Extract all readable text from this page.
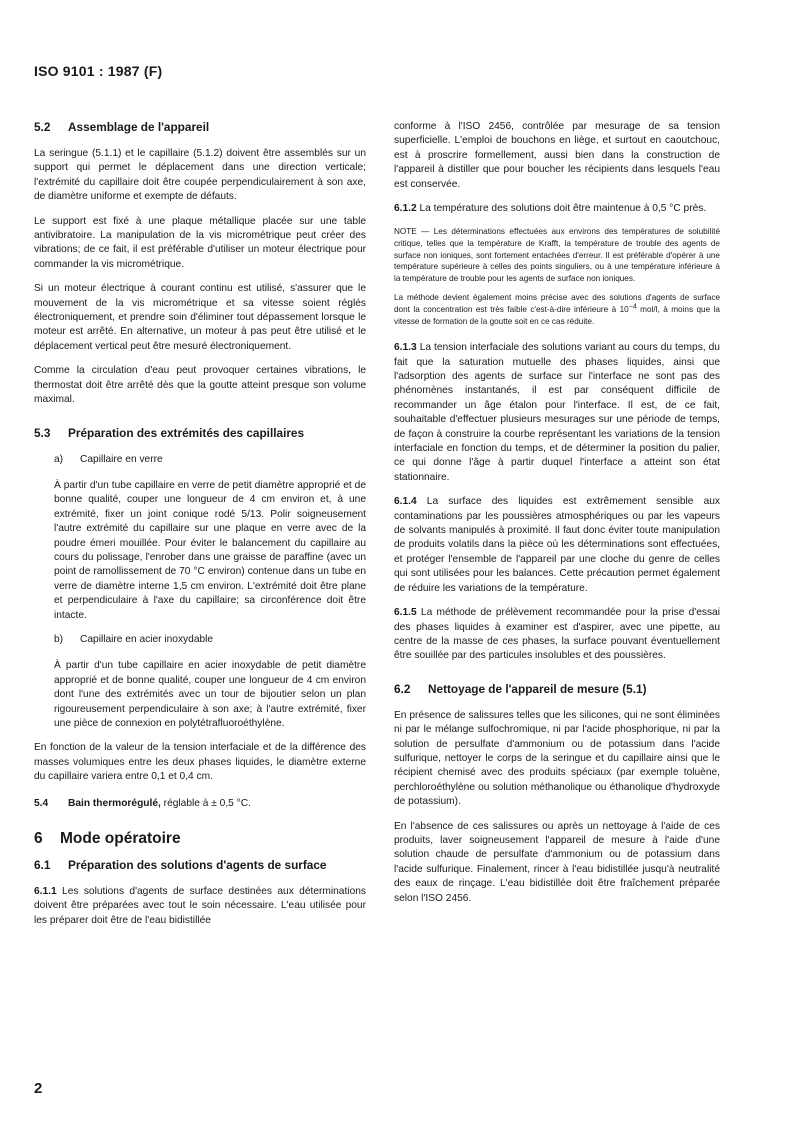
ISO 9101 : 1987 (F)
5.2 Assemblage de l'appareil

La seringue (5.1.1) et le capillaire (5.1.2) doivent être assemblés sur un support qui permet le déplacement dans une direction verticale; l'extrémité du capillaire doit être coupée perpendiculairement à son axe, de diamètre uniforme et exempte de défauts.

Le support est fixé à une plaque métallique placée sur une table antivibratoire. La manipulation de la vis micrométrique peut créer des vibrations; de ce fait, il est préférable d'utiliser un moteur électrique pour commander la vis micrométrique.

Si un moteur électrique à courant continu est utilisé, s'assurer que le mouvement de la vis micrométrique et sa vitesse soient réglés électroniquement, et prendre soin d'éliminer tout dépassement lorsque le moteur est arrêté. En alternative, un moteur à pas peut être utilisé et le déplacement vertical peut être mesuré électroniquement.

Comme la circulation d'eau peut provoquer certaines vibrations, le thermostat doit être arrêté dès que la goutte atteint presque son volume maximal.

5.3 Préparation des extrémités des capillaires
a) Capillaire en verre

À partir d'un tube capillaire en verre de petit diamètre approprié et de bonne qualité, couper une longueur de 4 cm environ et, à une extrémité, fixer un joint conique rodé 5/13. Polir soigneusement l'autre extrémité du capillaire sur une plaque en verre avec de la poudre émeri mouillée. Pour éviter le balancement du capillaire au cours du polissage, l'enrober dans une graisse de paraffine (avec un point de ramollissement de 70 °C environ) contenue dans un tube en verre de diamètre interne 1,5 cm environ. L'extrémité doit être plane et perpendiculaire à l'axe du capillaire; sa circonférence doit être intacte.

b) Capillaire en acier inoxydable

À partir d'un tube capillaire en acier inoxydable de petit diamètre approprié et de bonne qualité, couper une longueur de 4 cm environ dont l'une des extrémités avec un tour de bijoutier selon un plan rigoureusement perpendiculaire à son axe; à l'autre extrémité, fixer une pièce de connexion en polytétrafluoroéthylène.

En fonction de la valeur de la tension interfaciale et de la différence des masses volumiques entre les deux phases liquides, le diamètre externe du capillaire variera entre 0,1 et 0,4 cm.

5.4 Bain thermorégulé, réglable à ± 0,5 °C.

6 Mode opératoire
6.1 Préparation des solutions d'agents de surface

6.1.1 Les solutions d'agents de surface destinées aux déterminations doivent être préparées avec tout le soin nécessaire. L'eau utilisée pour les préparer doit être de l'eau bidistillée

conforme à l'ISO 2456, contrôlée par mesurage de sa tension superficielle. L'emploi de bouchons en liège, et surtout en caoutchouc, est à proscrire formellement, aussi bien dans la construction de l'appareil à distiller que pour boucher les récipients dans lesquels l'eau est conservée.

6.1.2 La température des solutions doit être maintenue à 0,5 °C près.

NOTE — Les déterminations effectuées aux environs des températures de solubilité critique, telles que la température de Krafft, la température de trouble des agents de surface non ioniques, sont fortement entachées d'erreur. Il est préférable d'opérer à une température supérieure à celles des points singuliers, ou à une température inférieure à la température de trouble pour les agents de surface non ioniques.

La méthode devient également moins précise avec des solutions d'agents de surface dont la concentration est très faible c'est-à-dire inférieure à $10^{-4}$ mol/l, à moins que la vitesse de formation de la goutte soit en ce cas réduite.

6.1.3 La tension interfaciale des solutions variant au cours du temps, du fait que la saturation mutuelle des phases liquides, ainsi que l'adsorption des agents de surface sur l'interface ne sont pas des phénomènes instantanés, il est par conséquent difficile de recommander un âge étalon pour l'interface. Il est, de ce fait, souhaitable d'effectuer plusieurs mesurages sur une période de temps, de façon à construire la courbe représentant les variations de la tension interfaciale en fonction du temps, et de déterminer la position du palier, ce qui donne l'âge à partir duquel l'interface a atteint son état stationnaire.

6.1.4 La surface des liquides est extrêmement sensible aux contaminations par les poussières atmosphériques ou par les vapeurs de solvants manipulés à proximité. Il faut donc éviter toute manipulation de produits volatils dans la pièce où les déterminations sont effectuées, et protéger l'ensemble de l'appareil par une cloche du genre de celles qui sont utilisées pour les balances. Cette précaution permet également de réduire les variations de la température.

6.1.5 La méthode de prélèvement recommandée pour la prise d'essai des phases liquides à examiner est d'aspirer, avec une pipette, au centre de la masse de ces phases, la surface pouvant éventuellement être souillée par des particules insolubles et des poussières.

6.2 Nettoyage de l'appareil de mesure (5.1)

En présence de salissures telles que les silicones, qui ne sont éliminées ni par le mélange sulfochromique, ni par l'acide phosphorique, ni par la solution de persulfate d'ammonium ou de potassium dans l'acide sulfurique, nettoyer le corps de la seringue et du capillaire ainsi que le récipient chemisé avec des produits spéciaux (par exemple toluène, perchloroéthylène ou solution méthanolique ou éthanolique d'hydroxyde de potassium).

En l'absence de ces salissures ou après un nettoyage à l'aide de ces produits, laver soigneusement l'appareil de mesure à l'aide d'une solution chaude de persulfate d'ammonium ou de potassium dans l'acide sulfurique. Finalement, rincer à l'eau bidistillée jusqu'à neutralité des eaux de rinçage. L'eau bidistillée doit être fraîchement préparée selon l'ISO 2456.

2
